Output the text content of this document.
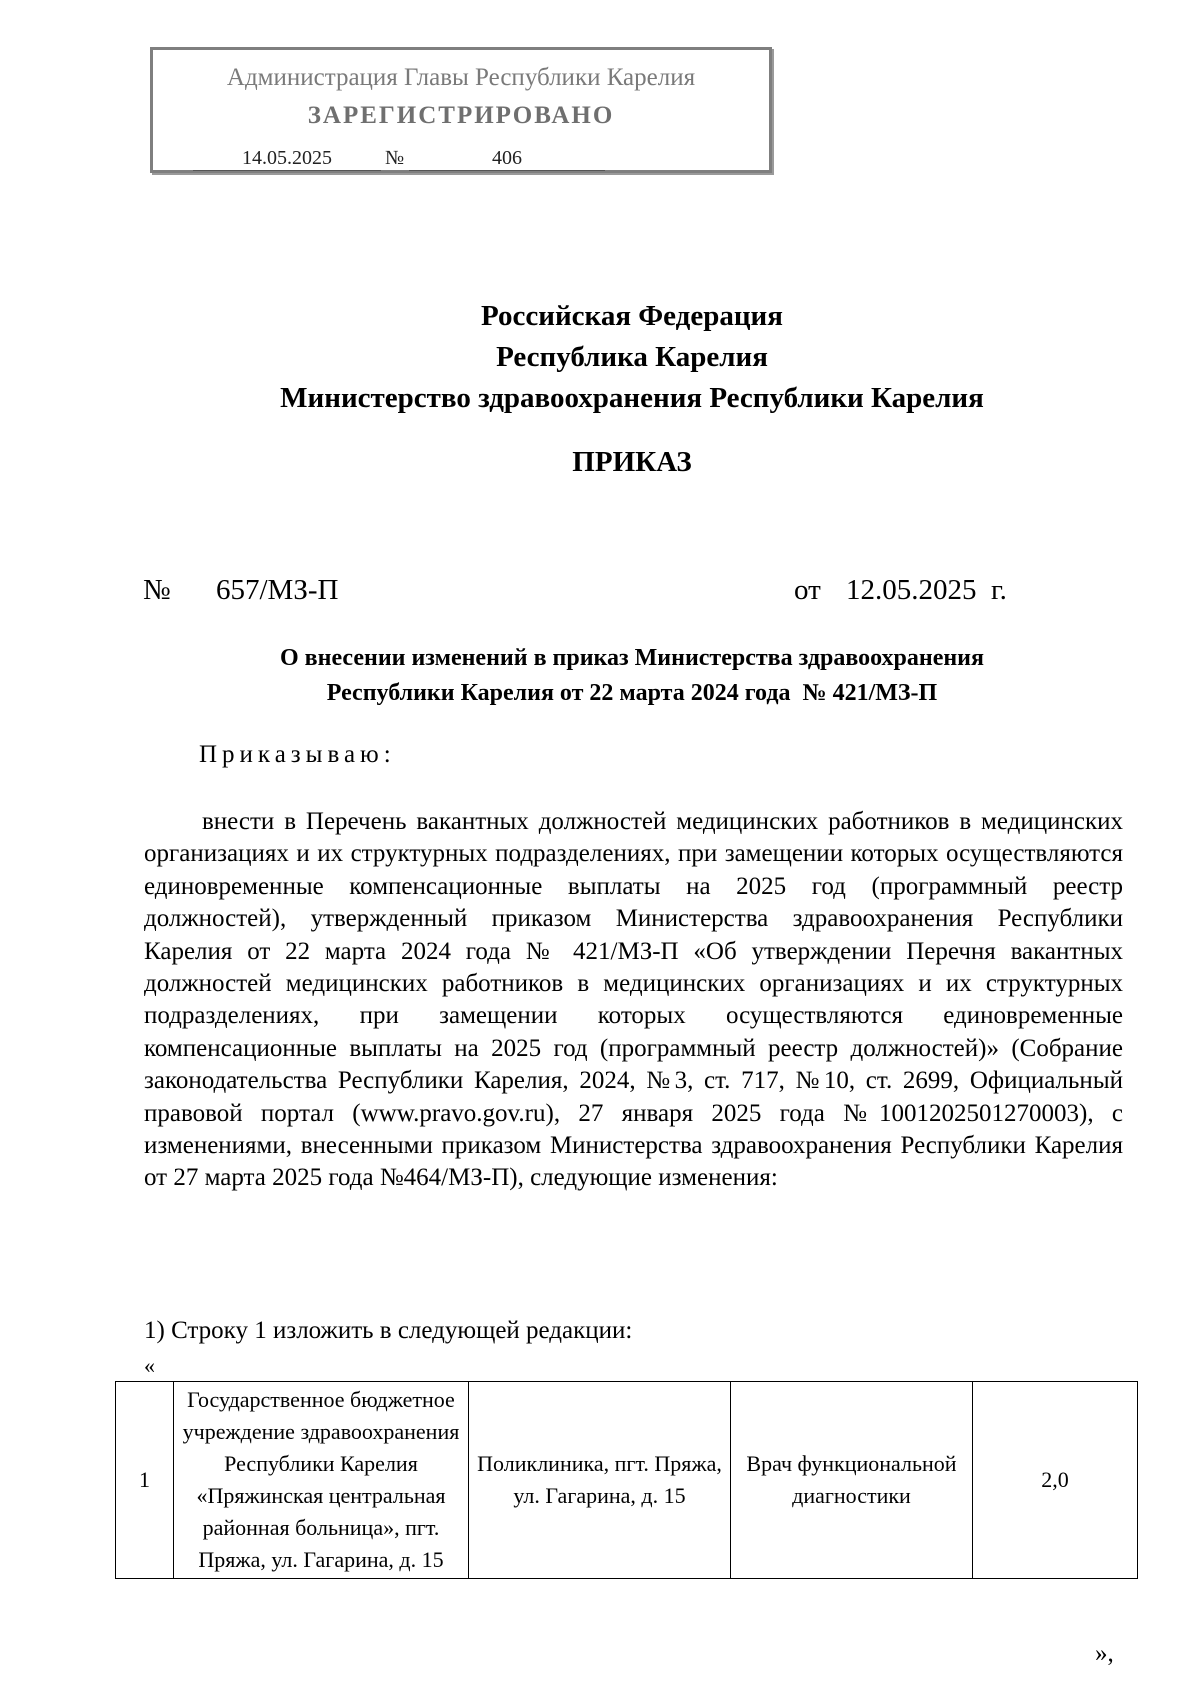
Администрация Главы Республики Карелия
ЗАРЕГИСТРИРОВАНО
14.05.2025	№	406
Российская Федерация
Республика Карелия
Министерство здравоохранения Республики Карелия
ПРИКАЗ
№ 657/МЗ-П	от 12.05.2025  г.
О внесении изменений в приказ Министерства здравоохранения
Республики Карелия от 22 марта 2024 года  № 421/МЗ-П
Приказываю:

внести в Перечень вакантных должностей медицинских работников в медицинских организациях и их структурных подразделениях, при замещении которых осуществляются единовременные компенсационные выплаты на 2025 год (программный реестр должностей), утвержденный приказом Министерства здравоохранения Республики Карелия от 22 марта 2024 года № 421/МЗ-П «Об утверждении Перечня вакантных должностей медицинских работников в медицинских организациях и их структурных подразделениях, при замещении которых осуществляются единовременные компенсационные выплаты на 2025 год (программный реестр должностей)» (Собрание законодательства Республики Карелия, 2024, №3, ст. 717, №10, ст. 2699, Официальный правовой портал (www.pravo.gov.ru), 27 января 2025 года №1001202501270003), с изменениями, внесенными приказом Министерства здравоохранения Республики Карелия от 27 марта 2025 года №464/МЗ-П), следующие изменения:

1) Строку 1 изложить в следующей редакции:
«
1	Государственное бюджетное учреждение здравоохранения Республики Карелия «Пряжинская центральная районная больница», пгт. Пряжа, ул. Гагарина, д. 15	Поликлиника, пгт. Пряжа, ул. Гагарина, д. 15	Врач функциональной диагностики	2,0
»,
